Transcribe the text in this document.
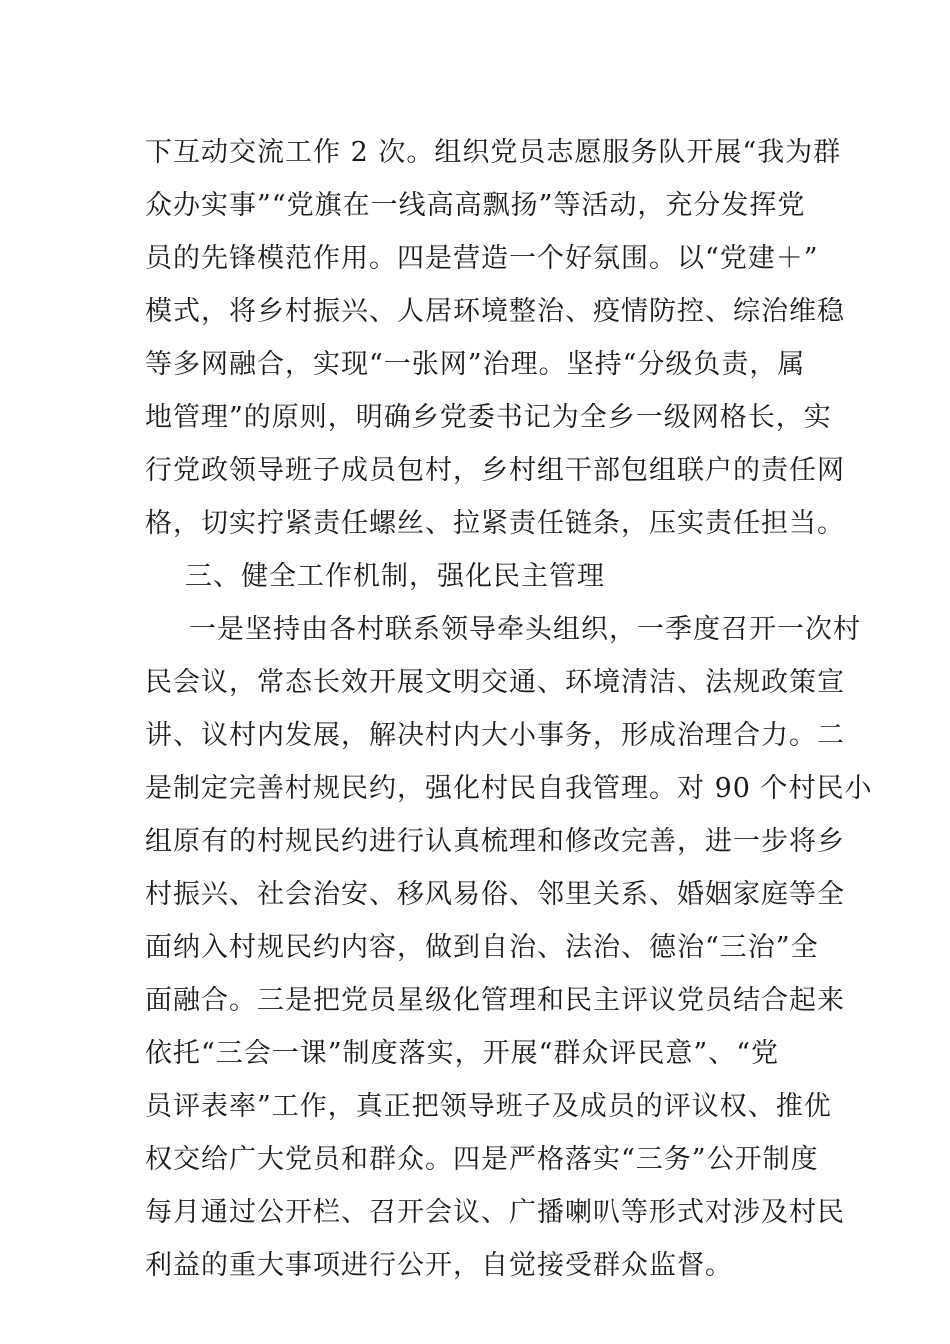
下互动交流工作 2 次。组织党员志愿服务队开展“我为群
众办实事”“党旗在一线高高飘扬”等活动，充分发挥党
员的先锋模范作用。四是营造一个好氛围。以“党建＋”
模式，将乡村振兴、人居环境整治、疫情防控、综治维稳
等多网融合，实现“一张网”治理。坚持“分级负责，属
地管理”的原则，明确乡党委书记为全乡一级网格长，实
行党政领导班子成员包村，乡村组干部包组联户的责任网
格，切实拧紧责任螺丝、拉紧责任链条，压实责任担当。
三、健全工作机制，强化民主管理
一是坚持由各村联系领导牵头组织，一季度召开一次村
民会议，常态长效开展文明交通、环境清洁、法规政策宣
讲、议村内发展，解决村内大小事务，形成治理合力。二
是制定完善村规民约，强化村民自我管理。对 90 个村民小
组原有的村规民约进行认真梳理和修改完善，进一步将乡
村振兴、社会治安、移风易俗、邻里关系、婚姻家庭等全
面纳入村规民约内容，做到自治、法治、德治“三治”全
面融合。三是把党员星级化管理和民主评议党员结合起来
依托“三会一课”制度落实，开展“群众评民意”、“党
员评表率”工作，真正把领导班子及成员的评议权、推优
权交给广大党员和群众。四是严格落实“三务”公开制度
每月通过公开栏、召开会议、广播喇叭等形式对涉及村民
利益的重大事项进行公开，自觉接受群众监督。
